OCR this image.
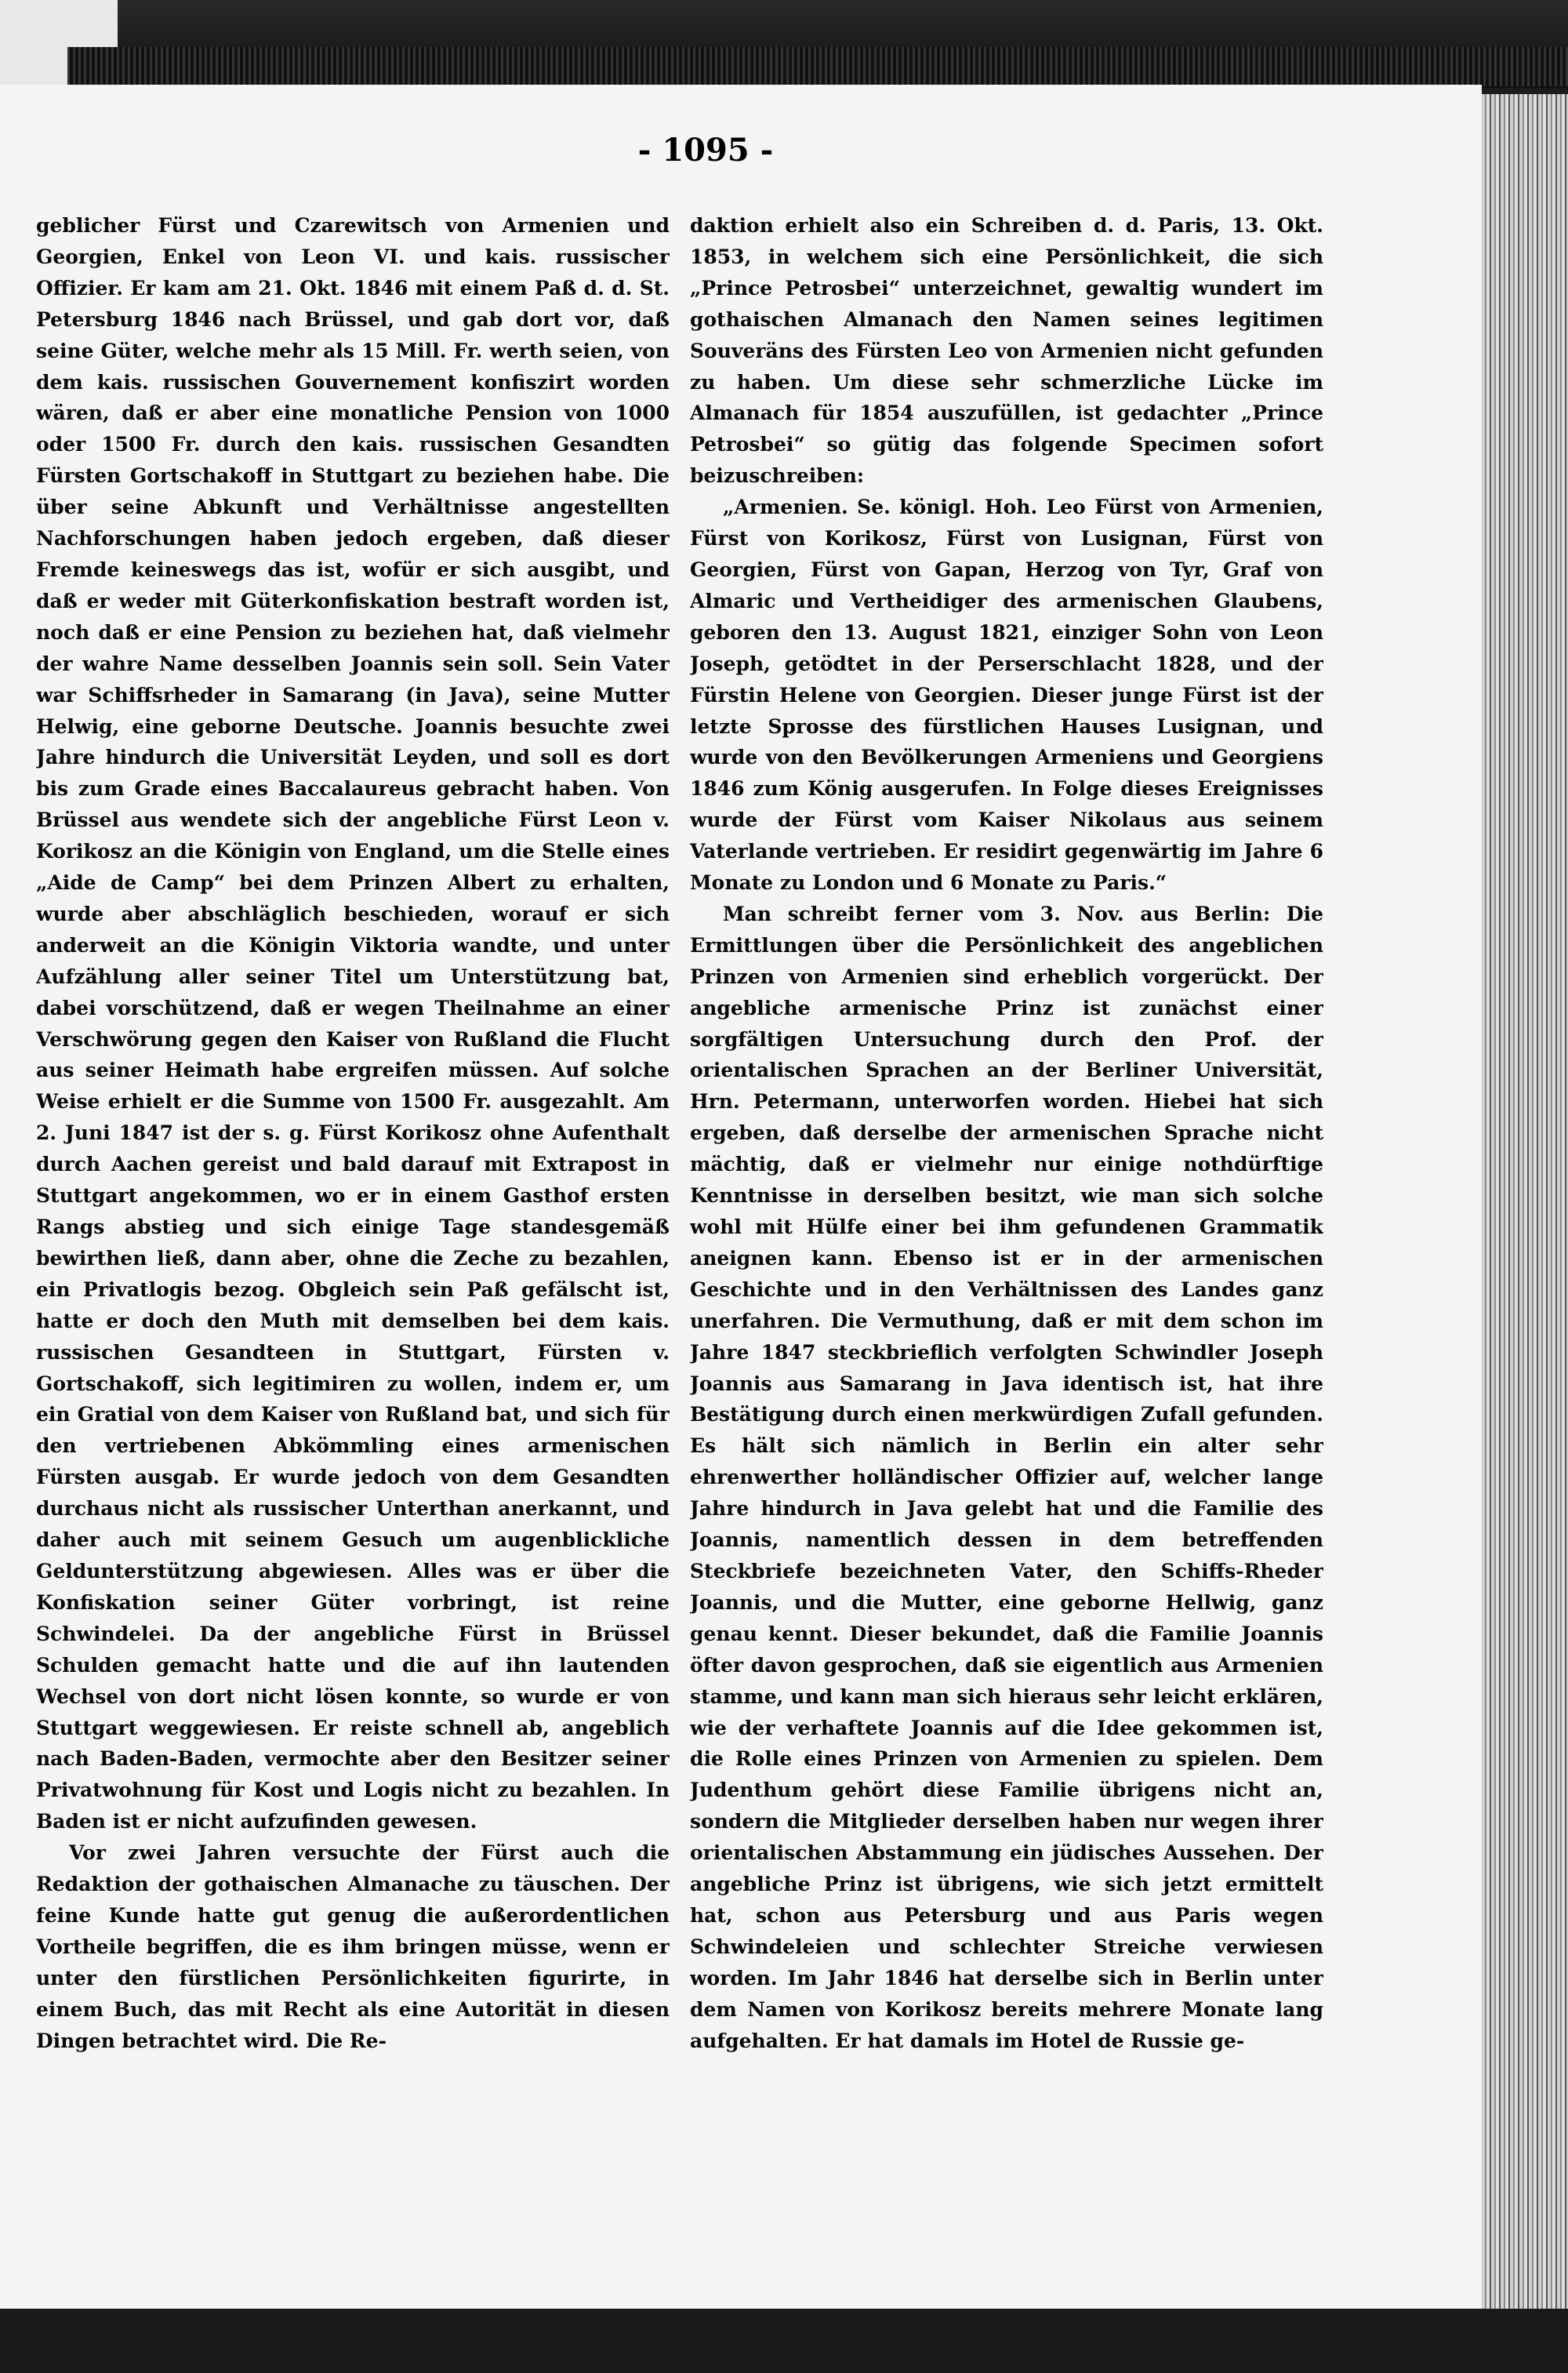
- 1095 -

geblicher Fürst und Czarewitsch von Armenien und Georgien, Enkel von Leon VI. und kais. russischer Offizier. Er kam am 21. Okt. 1846 mit einem Paß d. d. St. Petersburg 1846 nach Brüssel, und gab dort vor, daß seine Güter, welche mehr als 15 Mill. Fr. werth seien, von dem kais. russischen Gouvernement konfiszirt worden wären, daß er aber eine monatliche Pension von 1000 oder 1500 Fr. durch den kais. russischen Gesandten Fürsten Gortschakoff in Stuttgart zu beziehen habe. Die über seine Abkunft und Verhältnisse angestellten Nachforschungen haben jedoch ergeben, daß dieser Fremde keineswegs das ist, wofür er sich ausgibt, und daß er weder mit Güterkonfiskation bestraft worden ist, noch daß er eine Pension zu beziehen hat, daß vielmehr der wahre Name desselben Joannis sein soll. Sein Vater war Schiffsrheder in Samarang (in Java), seine Mutter Helwig, eine geborne Deutsche. Joannis besuchte zwei Jahre hindurch die Universität Leyden, und soll es dort bis zum Grade eines Baccalaureus gebracht haben. Von Brüssel aus wendete sich der angebliche Fürst Leon v. Korikosz an die Königin von England, um die Stelle eines „Aide de Camp“ bei dem Prinzen Albert zu erhalten, wurde aber abschläglich beschieden, worauf er sich anderweit an die Königin Viktoria wandte, und unter Aufzählung aller seiner Titel um Unterstützung bat, dabei vorschützend, daß er wegen Theilnahme an einer Verschwörung gegen den Kaiser von Rußland die Flucht aus seiner Heimath habe ergreifen müssen. Auf solche Weise erhielt er die Summe von 1500 Fr. ausgezahlt. Am 2. Juni 1847 ist der s. g. Fürst Korikosz ohne Aufenthalt durch Aachen gereist und bald darauf mit Extrapost in Stuttgart angekommen, wo er in einem Gasthof ersten Rangs abstieg und sich einige Tage standesgemäß bewirthen ließ, dann aber, ohne die Zeche zu bezahlen, ein Privatlogis bezog. Obgleich sein Paß gefälscht ist, hatte er doch den Muth mit demselben bei dem kais. russischen Gesandteen in Stuttgart, Fürsten v. Gortschakoff, sich legitimiren zu wollen, indem er, um ein Gratial von dem Kaiser von Rußland bat, und sich für den vertriebenen Abkömmling eines armenischen Fürsten ausgab. Er wurde jedoch von dem Gesandten durchaus nicht als russischer Unterthan anerkannt, und daher auch mit seinem Gesuch um augenblickliche Geldunterstützung abgewiesen. Alles was er über die Konfiskation seiner Güter vorbringt, ist reine Schwindelei. Da der angebliche Fürst in Brüssel Schulden gemacht hatte und die auf ihn lautenden Wechsel von dort nicht lösen konnte, so wurde er von Stuttgart weggewiesen. Er reiste schnell ab, angeblich nach Baden-Baden, vermochte aber den Besitzer seiner Privatwohnung für Kost und Logis nicht zu bezahlen. In Baden ist er nicht aufzufinden gewesen.

Vor zwei Jahren versuchte der Fürst auch die Redaktion der gothaischen Almanache zu täuschen. Der feine Kunde hatte gut genug die außerordentlichen Vortheile begriffen, die es ihm bringen müsse, wenn er unter den fürstlichen Persönlichkeiten figurirte, in einem Buch, das mit Recht als eine Autorität in diesen Dingen betrachtet wird. Die Re-

daktion erhielt also ein Schreiben d. d. Paris, 13. Okt. 1853, in welchem sich eine Persönlichkeit, die sich „Prince Petrosbei“ unterzeichnet, gewaltig wundert im gothaischen Almanach den Namen seines legitimen Souveräns des Fürsten Leo von Armenien nicht gefunden zu haben. Um diese sehr schmerzliche Lücke im Almanach für 1854 auszufüllen, ist gedachter „Prince Petrosbei“ so gütig das folgende Specimen sofort beizuschreiben:

„Armenien. Se. königl. Hoh. Leo Fürst von Armenien, Fürst von Korikosz, Fürst von Lusignan, Fürst von Georgien, Fürst von Gapan, Herzog von Tyr, Graf von Almaric und Vertheidiger des armenischen Glaubens, geboren den 13. August 1821, einziger Sohn von Leon Joseph, getödtet in der Perserschlacht 1828, und der Fürstin Helene von Georgien. Dieser junge Fürst ist der letzte Sprosse des fürstlichen Hauses Lusignan, und wurde von den Bevölkerungen Armeniens und Georgiens 1846 zum König ausgerufen. In Folge dieses Ereignisses wurde der Fürst vom Kaiser Nikolaus aus seinem Vaterlande vertrieben. Er residirt gegenwärtig im Jahre 6 Monate zu London und 6 Monate zu Paris.“

Man schreibt ferner vom 3. Nov. aus Berlin: Die Ermittlungen über die Persönlichkeit des angeblichen Prinzen von Armenien sind erheblich vorgerückt. Der angebliche armenische Prinz ist zunächst einer sorgfältigen Untersuchung durch den Prof. der orientalischen Sprachen an der Berliner Universität, Hrn. Petermann, unterworfen worden. Hiebei hat sich ergeben, daß derselbe der armenischen Sprache nicht mächtig, daß er vielmehr nur einige nothdürftige Kenntnisse in derselben besitzt, wie man sich solche wohl mit Hülfe einer bei ihm gefundenen Grammatik aneignen kann. Ebenso ist er in der armenischen Geschichte und in den Verhältnissen des Landes ganz unerfahren. Die Vermuthung, daß er mit dem schon im Jahre 1847 steckbrieflich verfolgten Schwindler Joseph Joannis aus Samarang in Java identisch ist, hat ihre Bestätigung durch einen merkwürdigen Zufall gefunden. Es hält sich nämlich in Berlin ein alter sehr ehrenwerther holländischer Offizier auf, welcher lange Jahre hindurch in Java gelebt hat und die Familie des Joannis, namentlich dessen in dem betreffenden Steckbriefe bezeichneten Vater, den Schiffs-Rheder Joannis, und die Mutter, eine geborne Hellwig, ganz genau kennt. Dieser bekundet, daß die Familie Joannis öfter davon gesprochen, daß sie eigentlich aus Armenien stamme, und kann man sich hieraus sehr leicht erklären, wie der verhaftete Joannis auf die Idee gekommen ist, die Rolle eines Prinzen von Armenien zu spielen. Dem Judenthum gehört diese Familie übrigens nicht an, sondern die Mitglieder derselben haben nur wegen ihrer orientalischen Abstammung ein jüdisches Aussehen. Der angebliche Prinz ist übrigens, wie sich jetzt ermittelt hat, schon aus Petersburg und aus Paris wegen Schwindeleien und schlechter Streiche verwiesen worden. Im Jahr 1846 hat derselbe sich in Berlin unter dem Namen von Korikosz bereits mehrere Monate lang aufgehalten. Er hat damals im Hotel de Russie ge-
